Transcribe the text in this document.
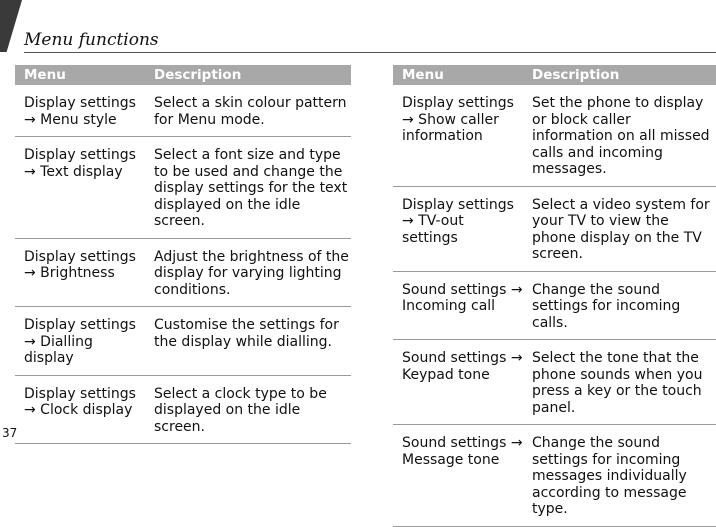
Menu functions
Menu	Description
Display settings → Menu style	Select a skin colour pattern for Menu mode.
Display settings → Text display	Select a font size and type to be used and change the display settings for the text displayed on the idle screen.
Display settings → Brightness	Adjust the brightness of the display for varying lighting conditions.
Display settings → Dialling display	Customise the settings for the display while dialling.
Display settings → Clock display	Select a clock type to be displayed on the idle screen.
Menu	Description
Display settings → Show caller information	Set the phone to display or block caller information on all missed calls and incoming messages.
Display settings → TV-out settings	Select a video system for your TV to view the phone display on the TV screen.
Sound settings → Incoming call	Change the sound settings for incoming calls.
Sound settings → Keypad tone	Select the tone that the phone sounds when you press a key or the touch panel.
Sound settings → Message tone	Change the sound settings for incoming messages individually according to message type.
37
